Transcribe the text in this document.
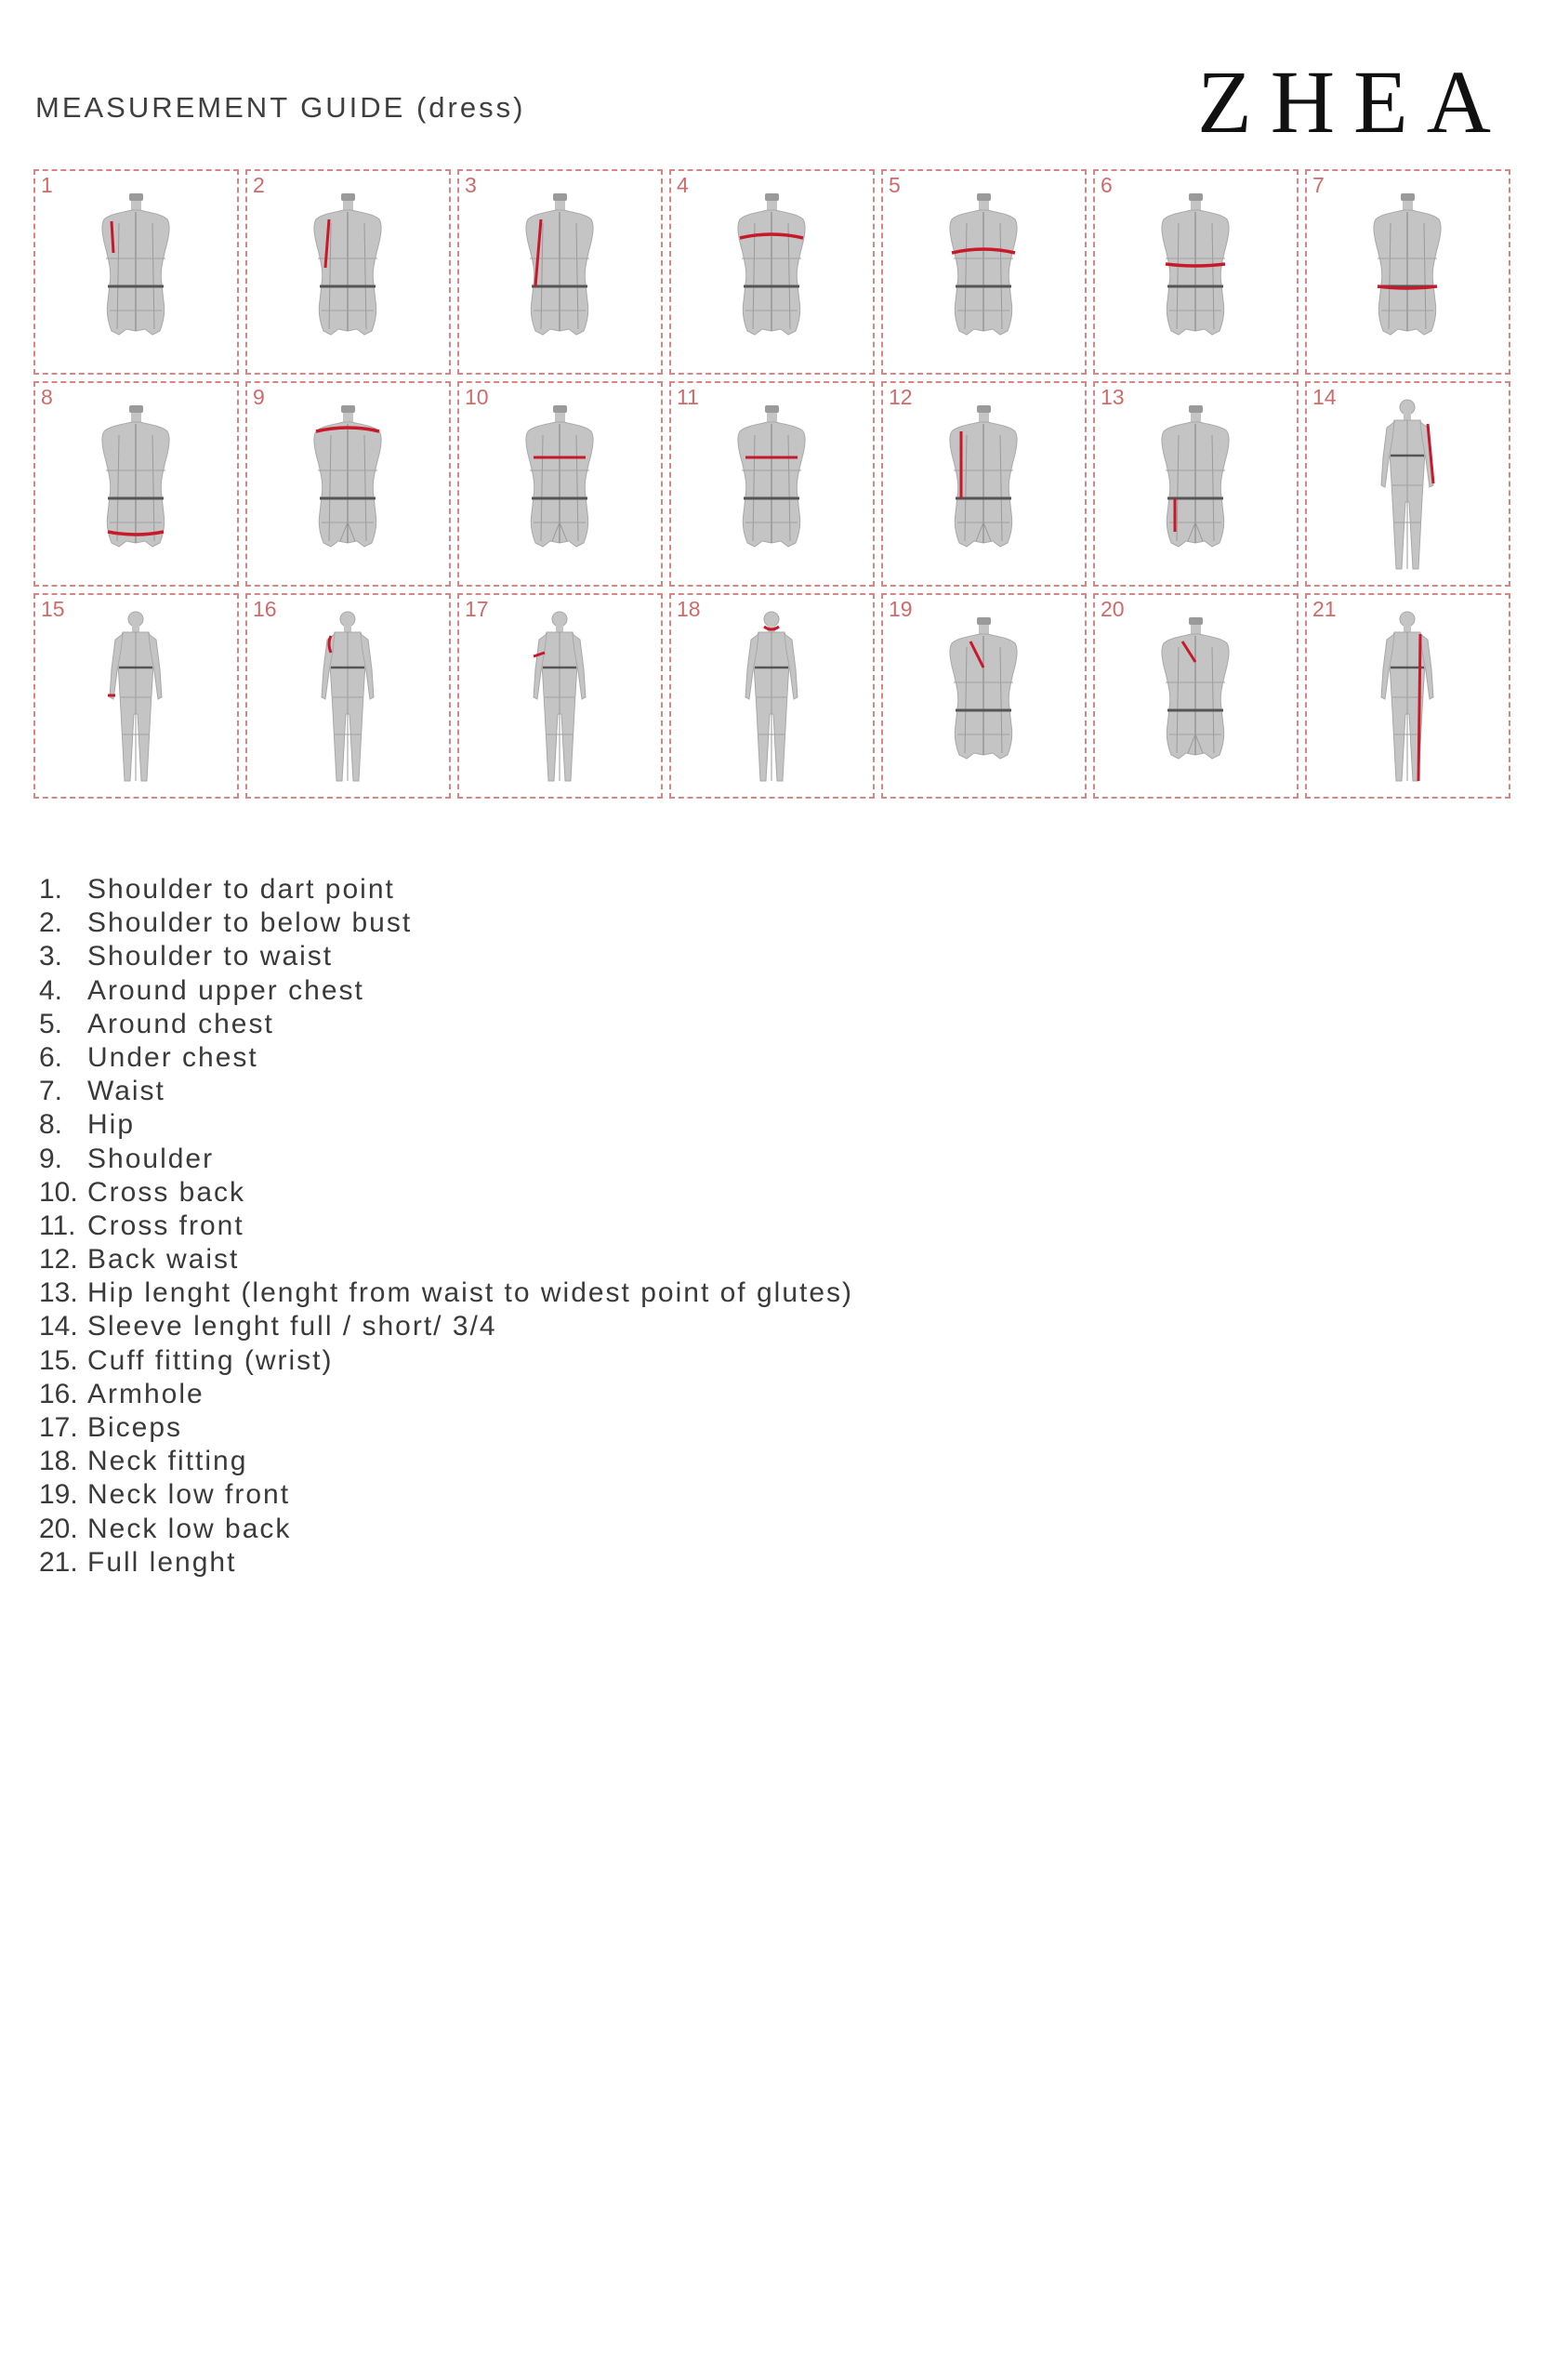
MEASUREMENT GUIDE (dress)	ZHEA
1	2	3	4	5	6	7
8	9	10	11	12	13	14
15	16	17	18	19	20	21
1. Shoulder to dart point
2. Shoulder to below bust
3. Shoulder to waist
4. Around upper chest
5. Around chest
6. Under chest
7. Waist
8. Hip
9. Shoulder
10. Cross back
11. Cross front
12. Back waist
13. Hip lenght (lenght from waist to widest point of glutes)
14. Sleeve lenght full / short/ 3/4
15. Cuff fitting (wrist)
16. Armhole
17. Biceps
18. Neck fitting
19. Neck low front
20. Neck low back
21. Full lenght
